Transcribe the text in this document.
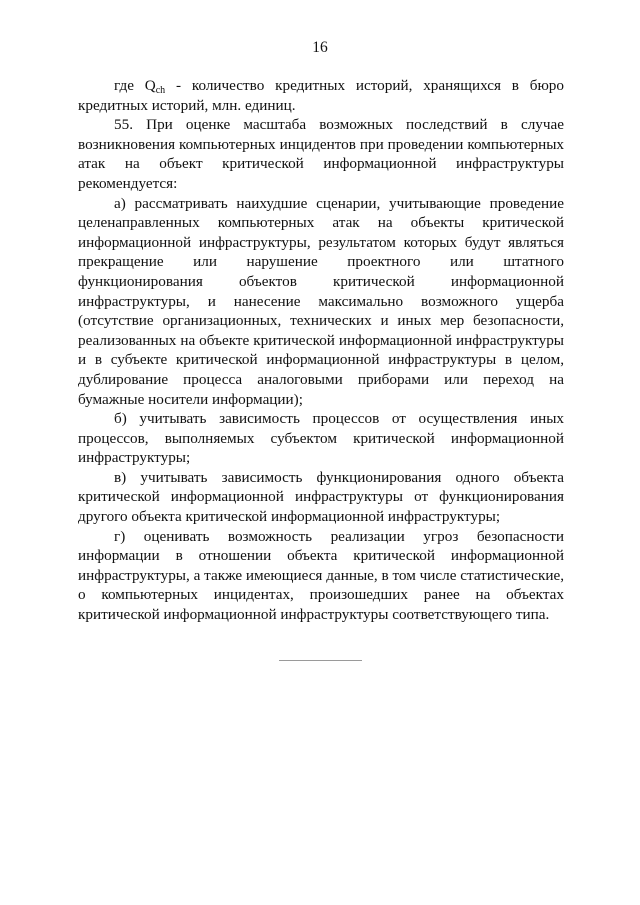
16

где $Q_{ch}$ - количество кредитных историй, хранящихся в бюро кредитных историй, млн. единиц.

55. При оценке масштаба возможных последствий в случае возникновения компьютерных инцидентов при проведении компьютерных атак на объект критической информационной инфраструктуры рекомендуется:

а) рассматривать наихудшие сценарии, учитывающие проведение целенаправленных компьютерных атак на объекты критической информационной инфраструктуры, результатом которых будут являться прекращение или нарушение проектного или штатного функционирования объектов критической информационной инфраструктуры, и нанесение максимально возможного ущерба (отсутствие организационных, технических и иных мер безопасности, реализованных на объекте критической информационной инфраструктуры и в субъекте критической информационной инфраструктуры в целом, дублирование процесса аналоговыми приборами или переход на бумажные носители информации);

б) учитывать зависимость процессов от осуществления иных процессов, выполняемых субъектом критической информационной инфраструктуры;

в) учитывать зависимость функционирования одного объекта критической информационной инфраструктуры от функционирования другого объекта критической информационной инфраструктуры;

г) оценивать возможность реализации угроз безопасности информации в отношении объекта критической информационной инфраструктуры, а также имеющиеся данные, в том числе статистические, о компьютерных инцидентах, произошедших ранее на объектах критической информационной инфраструктуры соответствующего типа.
